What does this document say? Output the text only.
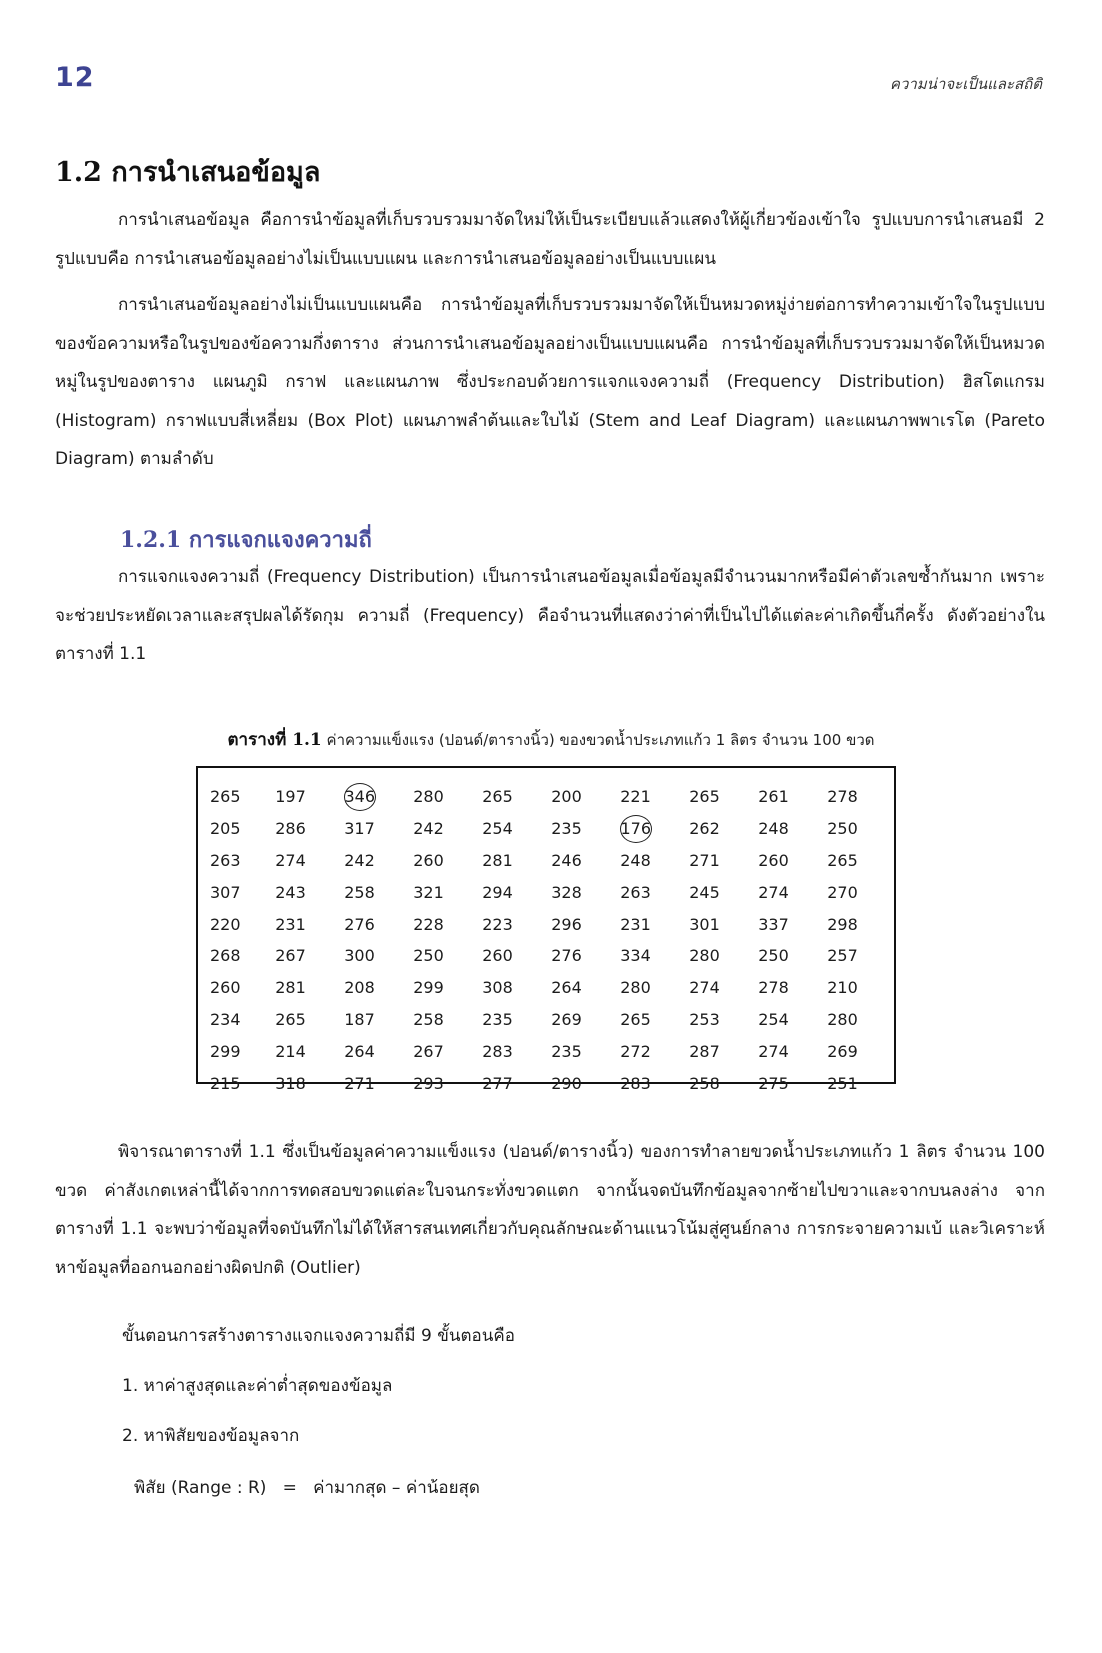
12	ความน่าจะเป็นและสถิติ
1.2 การนำเสนอข้อมูล

การนำเสนอข้อมูล คือการนำข้อมูลที่เก็บรวบรวมมาจัดใหม่ให้เป็นระเบียบแล้วแสดงให้ผู้เกี่ยวข้องเข้าใจ รูปแบบการนำเสนอมี 2 รูปแบบคือ การนำเสนอข้อมูลอย่างไม่เป็นแบบแผน และการนำเสนอข้อมูลอย่างเป็นแบบแผน

การนำเสนอข้อมูลอย่างไม่เป็นแบบแผนคือ การนำข้อมูลที่เก็บรวบรวมมาจัดให้เป็นหมวดหมู่ง่ายต่อการทำความเข้าใจในรูปแบบของข้อความหรือในรูปของข้อความกึ่งตาราง ส่วนการนำเสนอข้อมูลอย่างเป็นแบบแผนคือ การนำข้อมูลที่เก็บรวบรวมมาจัดให้เป็นหมวดหมู่ในรูปของตาราง แผนภูมิ กราฟ และแผนภาพ ซึ่งประกอบด้วยการแจกแจงความถี่ (Frequency Distribution) ฮิสโตแกรม (Histogram) กราฟแบบสี่เหลี่ยม (Box Plot) แผนภาพลำต้นและใบไม้ (Stem and Leaf Diagram) และแผนภาพพาเรโต (Pareto Diagram) ตามลำดับ

1.2.1 การแจกแจงความถี่

การแจกแจงความถี่ (Frequency Distribution) เป็นการนำเสนอข้อมูลเมื่อข้อมูลมีจำนวนมากหรือมีค่าตัวเลขซ้ำกันมาก เพราะจะช่วยประหยัดเวลาและสรุปผลได้รัดกุม ความถี่ (Frequency) คือจำนวนที่แสดงว่าค่าที่เป็นไปได้แต่ละค่าเกิดขึ้นกี่ครั้ง ดังตัวอย่างในตารางที่ 1.1

ตารางที่ 1.1 ค่าความแข็งแรง (ปอนด์/ตารางนิ้ว) ของขวดน้ำประเภทแก้ว 1 ลิตร จำนวน 100 ขวด
265	197	346	280	265	200	221	265	261	278
205	286	317	242	254	235	176	262	248	250
263	274	242	260	281	246	248	271	260	265
307	243	258	321	294	328	263	245	274	270
220	231	276	228	223	296	231	301	337	298
268	267	300	250	260	276	334	280	250	257
260	281	208	299	308	264	280	274	278	210
234	265	187	258	235	269	265	253	254	280
299	214	264	267	283	235	272	287	274	269
215	318	271	293	277	290	283	258	275	251

พิจารณาตารางที่ 1.1 ซึ่งเป็นข้อมูลค่าความแข็งแรง (ปอนด์/ตารางนิ้ว) ของการทำลายขวดน้ำประเภทแก้ว 1 ลิตร จำนวน 100 ขวด ค่าสังเกตเหล่านี้ได้จากการทดสอบขวดแต่ละใบจนกระทั่งขวดแตก จากนั้นจดบันทึกข้อมูลจากซ้ายไปขวาและจากบนลงล่าง จากตารางที่ 1.1 จะพบว่าข้อมูลที่จดบันทึกไม่ได้ให้สารสนเทศเกี่ยวกับคุณลักษณะด้านแนวโน้มสู่ศูนย์กลาง การกระจายความเบ้ และวิเคราะห์หาข้อมูลที่ออกนอกอย่างผิดปกติ (Outlier)

ขั้นตอนการสร้างตารางแจกแจงความถี่มี 9 ขั้นตอนคือ

1. หาค่าสูงสุดและค่าต่ำสุดของข้อมูล

2. หาพิสัยของข้อมูลจาก

พิสัย (Range : R) = ค่ามากสุด – ค่าน้อยสุด
